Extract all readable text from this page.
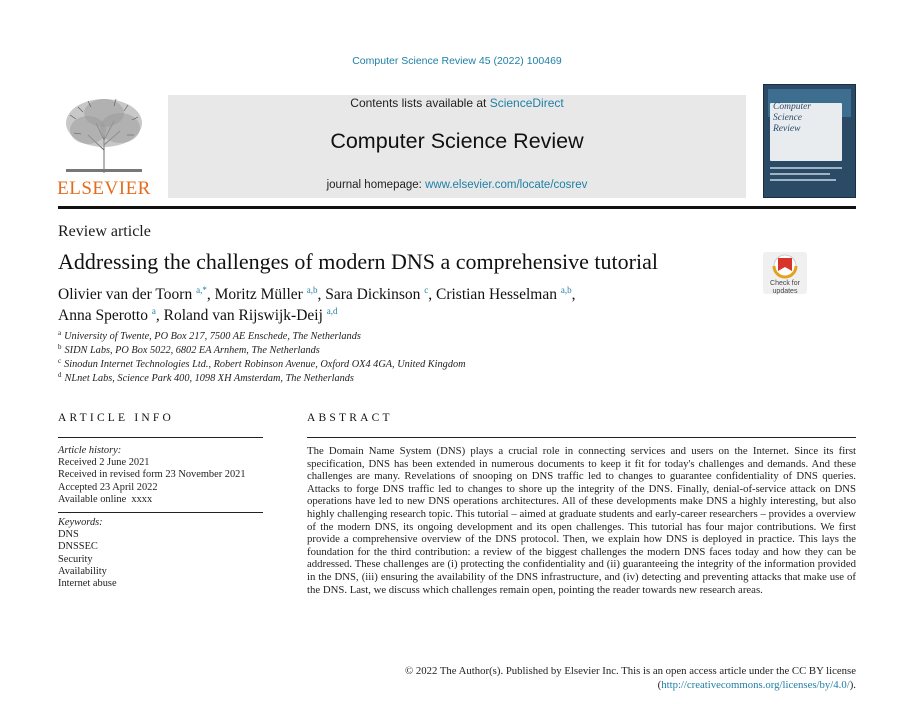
Computer Science Review 45 (2022) 100469
ELSEVIER
Contents lists available at ScienceDirect
Computer Science Review
journal homepage: www.elsevier.com/locate/cosrev
Computer
Science
Review
Review article
Addressing the challenges of modern DNS a comprehensive tutorial
Check for
updates
Olivier van der Toorn $^{a,*}$, Moritz Müller $^{a,b}$, Sara Dickinson $^c$, Cristian Hesselman $^{a,b}$,
Anna Sperotto $^a$, Roland van Rijswijk-Deij $^{a,d}$
$^a$ University of Twente, PO Box 217, 7500 AE Enschede, The Netherlands
$^b$ SIDN Labs, PO Box 5022, 6802 EA Arnhem, The Netherlands
$^c$ Sinodun Internet Technologies Ltd., Robert Robinson Avenue, Oxford OX4 4GA, United Kingdom
$^d$ NLnet Labs, Science Park 400, 1098 XH Amsterdam, The Netherlands
ARTICLE INFO
Article history:
Received 2 June 2021
Received in revised form 23 November 2021
Accepted 23 April 2022
Available online  xxxx
Keywords:
DNS
DNSSEC
Security
Availability
Internet abuse
ABSTRACT
The Domain Name System (DNS) plays a crucial role in connecting services and users on the Internet. Since its first specification, DNS has been extended in numerous documents to keep it fit for today's challenges and demands. And these challenges are many. Revelations of snooping on DNS traffic led to changes to guarantee confidentiality of DNS queries. Attacks to forge DNS traffic led to changes to shore up the integrity of the DNS. Finally, denial-of-service attack on DNS operations have led to new DNS operations architectures. All of these developments make DNS a highly interesting, but also highly challenging research topic. This tutorial – aimed at graduate students and early-career researchers – provides a overview of the modern DNS, its ongoing development and its open challenges. This tutorial has four major contributions. We first provide a comprehensive overview of the DNS protocol. Then, we explain how DNS is deployed in practice. This lays the foundation for the third contribution: a review of the biggest challenges the modern DNS faces today and how they can be addressed. These challenges are (i) protecting the confidentiality and (ii) guaranteeing the integrity of the information provided in the DNS, (iii) ensuring the availability of the DNS infrastructure, and (iv) detecting and preventing attacks that make use of the DNS. Last, we discuss which challenges remain open, pointing the reader towards new research areas.
© 2022 The Author(s). Published by Elsevier Inc. This is an open access article under the CC BY license
(http://creativecommons.org/licenses/by/4.0/).
